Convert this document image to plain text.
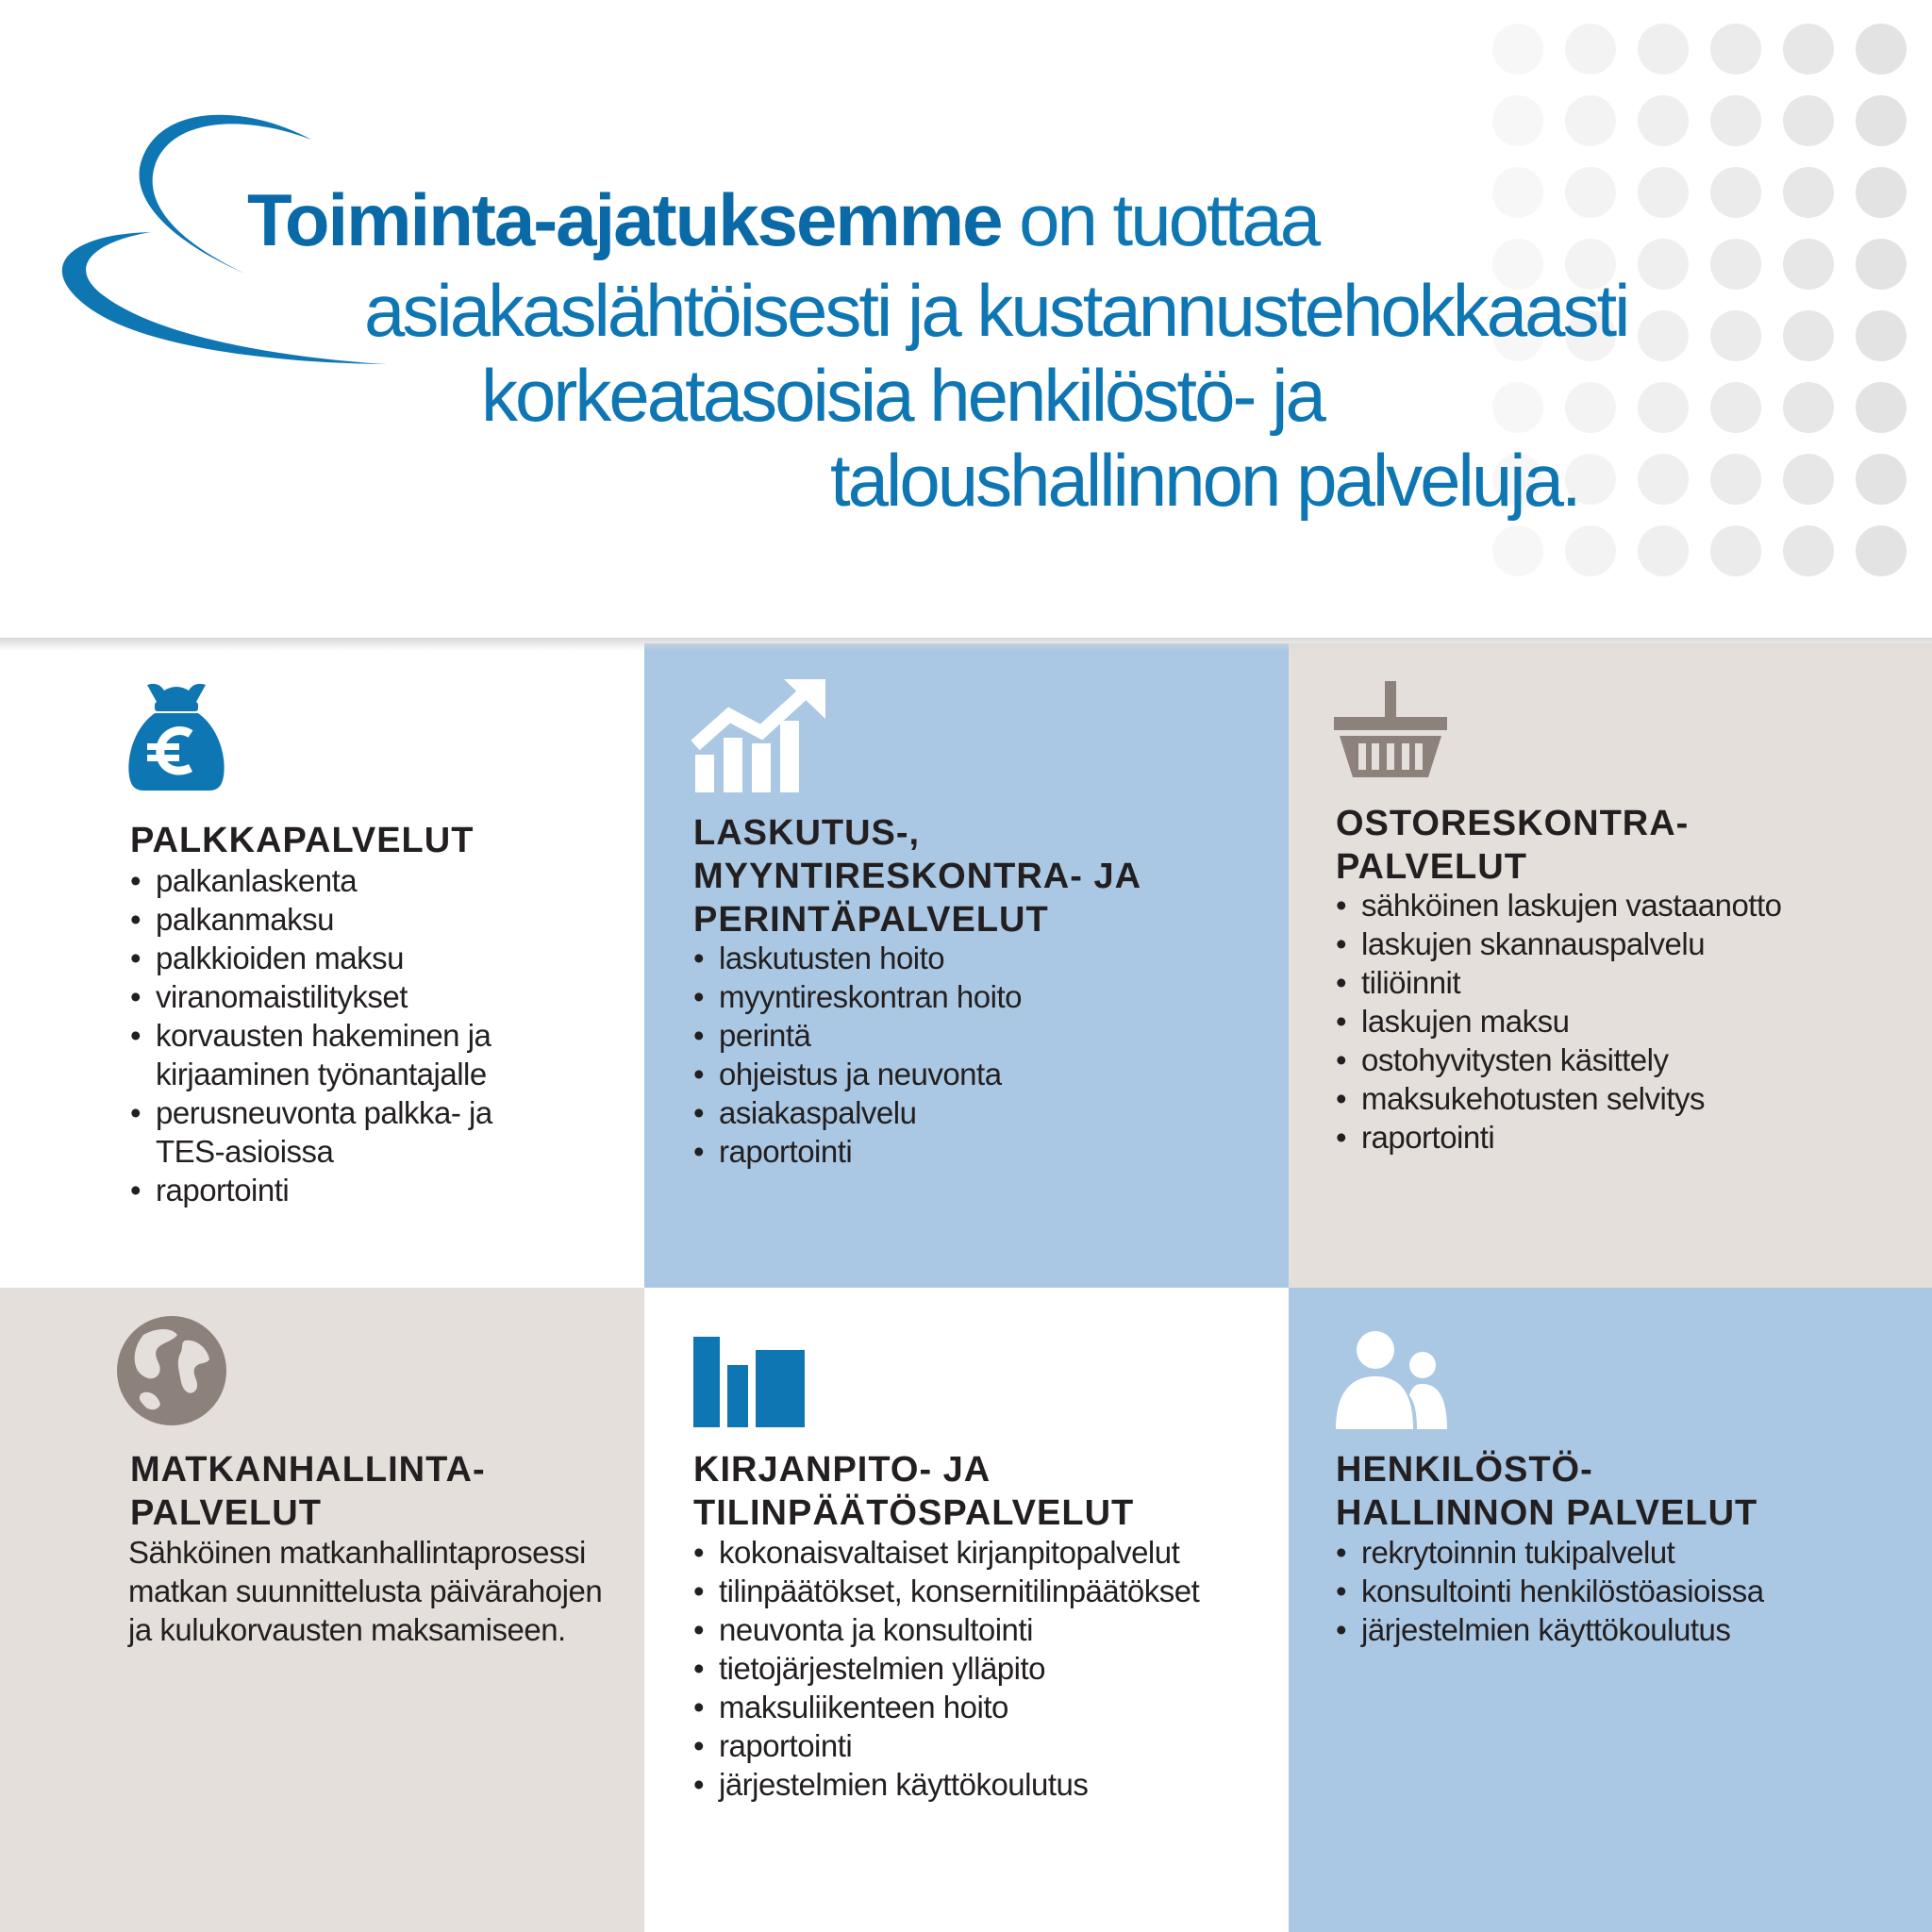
Toiminta-ajatuksemme on tuottaa
asiakaslähtöisesti ja kustannustehokkaasti
korkeatasoisia henkilöstö- ja
taloushallinnon palveluja.
PALKKAPALVELUT
• palkanlaskenta
• palkanmaksu
• palkkioiden maksu
• viranomaistilitykset
• korvausten hakeminen ja kirjaaminen työnantajalle
• perusneuvonta palkka- ja TES-asioissa
• raportointi
LASKUTUS-,
MYYNTIRESKONTRA- JA
PERINTÄPALVELUT
• laskutusten hoito
• myyntireskontran hoito
• perintä
• ohjeistus ja neuvonta
• asiakaspalvelu
• raportointi
OSTORESKONTRA-
PALVELUT
• sähköinen laskujen vastaanotto
• laskujen skannauspalvelu
• tiliöinnit
• laskujen maksu
• ostohyvitysten käsittely
• maksukehotusten selvitys
• raportointi
MATKANHALLINTA-
PALVELUT

Sähköinen matkanhallintaprosessi matkan suunnittelusta päivärahojen ja kulukorvausten maksamiseen.

KIRJANPITO- JA
TILINPÄÄTÖSPALVELUT
• kokonaisvaltaiset kirjanpitopalvelut
• tilinpäätökset, konsernitilinpäätökset
• neuvonta ja konsultointi
• tietojärjestelmien ylläpito
• maksuliikenteen hoito
• raportointi
• järjestelmien käyttökoulutus
HENKILÖSTÖ-
HALLINNON PALVELUT
• rekrytoinnin tukipalvelut
• konsultointi henkilöstöasioissa
• järjestelmien käyttökoulutus
